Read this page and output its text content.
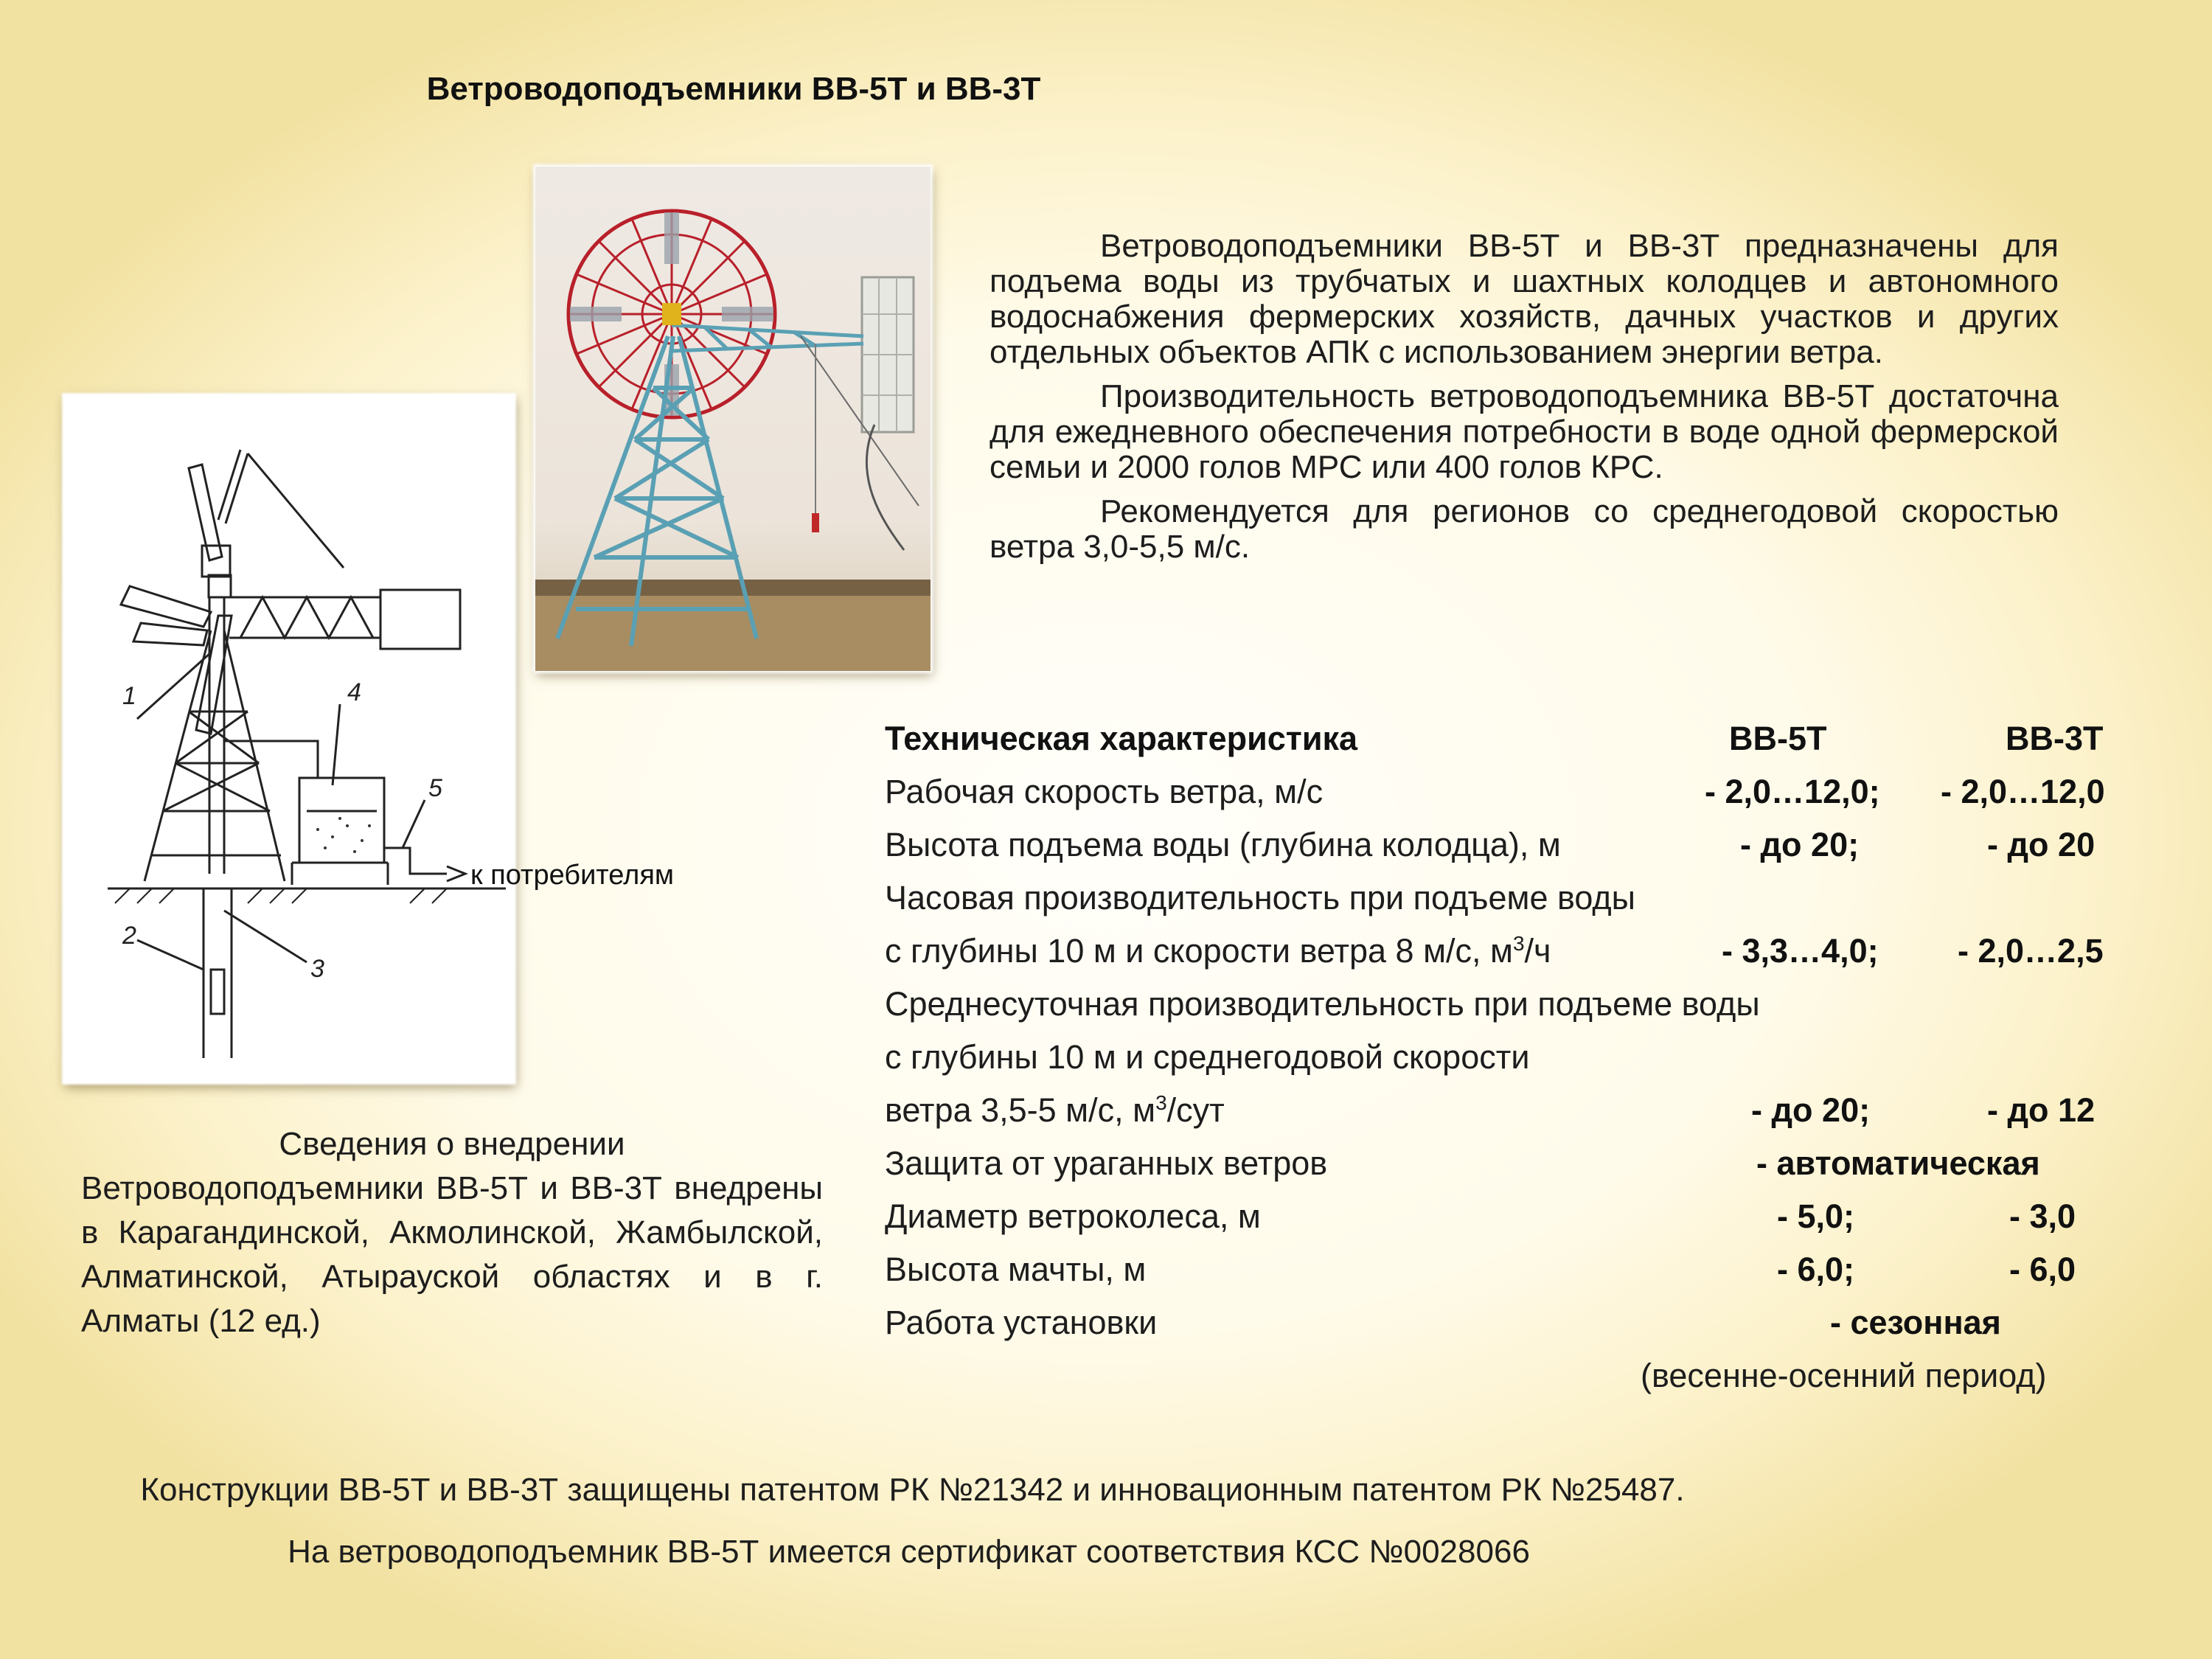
Ветроводоподъемники ВВ-5Т и ВВ-3Т
1
2
3
4
5
к потребителям

Ветроводоподъемники ВВ-5Т и ВВ-3Т предназначены для подъема воды из трубчатых и шахтных колодцев и автономного водоснабжения фермерских хозяйств, дачных участков и других отдельных объектов АПК с использованием энергии ветра.

Производительность ветроводоподъемника ВВ-5Т достаточна для ежедневного обеспечения потребности в воде одной фермерской семьи и 2000 голов МРС или 400 голов КРС.

Рекомендуется для регионов со среднегодовой скоростью ветра 3,0-5,5 м/с.

Техническая характеристика	ВВ-5Т	ВВ-3Т
Рабочая скорость ветра, м/с	- 2,0…12,0; - 2,0…12,0
Высота подъема воды (глубина колодца), м	- до 20;	- до 20
Часовая производительность при подъеме воды
с глубины 10 м и скорости ветра 8 м/с, $м^3/ч$	- 3,3…4,0; - 2,0…2,5
Среднесуточная производительность при подъеме воды
с глубины 10 м и среднегодовой скорости
ветра 3,5-5 м/с, $м^3$/сут	- до 20;	- до 12
Защита от ураганных ветров	- автоматическая
Диаметр ветроколеса, м	- 5,0;	- 3,0
Высота мачты, м	- 6,0;	- 6,0
Работа установки	- сезонная
(весенне-осенний период)
Сведения о внедрении
Ветроводоподъемники ВВ-5Т и ВВ-3Т внедрены в Карагандинской, Акмолинской, Жамбылской, Алматинской, Атырауской областях и в г. Алматы (12 ед.)
Конструкции ВВ-5Т и ВВ-3Т защищены патентом РК №21342 и инновационным патентом РК №25487.
На ветроводоподъемник ВВ-5Т имеется сертификат соответствия КСС №0028066
